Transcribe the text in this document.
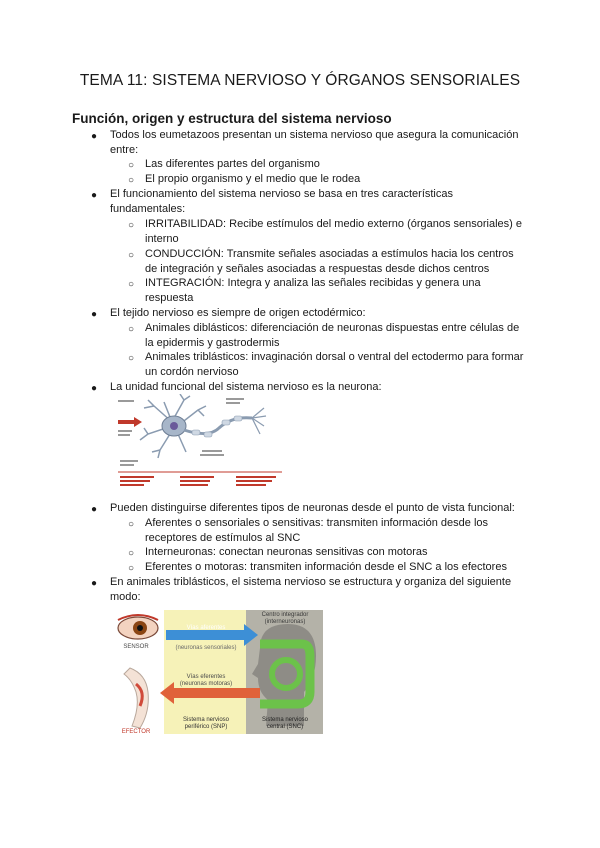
TEMA 11: SISTEMA NERVIOSO Y ÓRGANOS SENSORIALES
Función, origen y estructura del sistema nervioso
● Todos los eumetazoos presentan un sistema nervioso que asegura la comunicación
entre:
○ Las diferentes partes del organismo
○ El propio organismo y el medio que le rodea
● El funcionamiento del sistema nervioso se basa en tres características
fundamentales:
○ IRRITABILIDAD: Recibe estímulos del medio externo (órganos sensoriales) e
interno
○ CONDUCCIÓN: Transmite señales asociadas a estímulos hacia los centros
de integración y señales asociadas a respuestas desde dichos centros
○ INTEGRACIÓN: Integra y analiza las señales recibidas y genera una
respuesta
● El tejido nervioso es siempre de origen ectodérmico:
○ Animales diblásticos: diferenciación de neuronas dispuestas entre células de
la epidermis y gastrodermis
○ Animales triblásticos: invaginación dorsal o ventral del ectodermo para formar
un cordón nervioso
● La unidad funcional del sistema nervioso es la neurona:
● Pueden distinguirse diferentes tipos de neuronas desde el punto de vista funcional:
○ Aferentes o sensoriales o sensitivas: transmiten información desde los
receptores de estímulos al SNC
○ Interneuronas: conectan neuronas sensitivas con motoras
○ Eferentes o motoras: transmiten información desde el SNC a los efectores
● En animales triblásticos, el sistema nervioso se estructura y organiza del siguiente
modo:
Vías aferentes
(neuronas sensoriales)
Vías eferentes
(neuronas motoras)
Centro integrador
(interneuronas)
Sistema nervioso
periférico (SNP)
Sistema nervioso
central (SNC)
SENSOR
EFECTOR
